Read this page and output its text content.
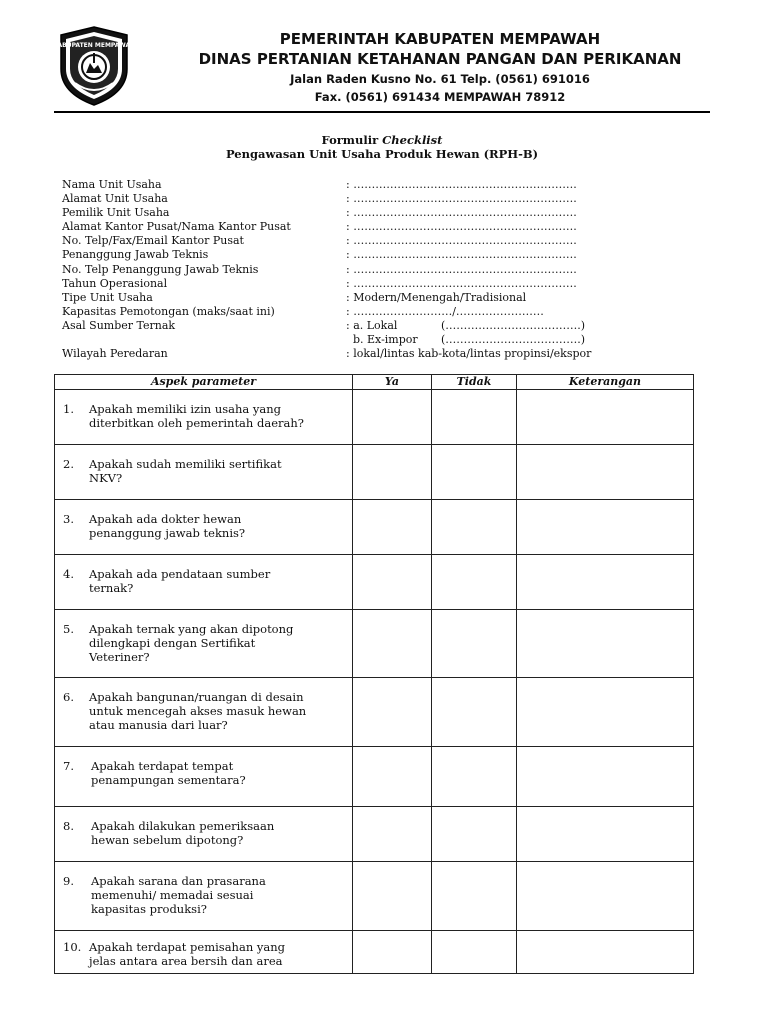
KABUPATEN MEMPAWAH	PEMERINTAH KABUPATEN MEMPAWAH
DINAS PERTANIAN KETAHANAN PANGAN DAN PERIKANAN
Jalan Raden Kusno No. 61 Telp. (0561) 691016
Fax. (0561) 691434 MEMPAWAH 78912
Formulir Checklist
Pengawasan Unit Usaha Produk Hewan (RPH-B)
Nama Unit Usaha	: …………………………………………………….
Alamat Unit Usaha	: …………………………………………………….
Pemilik Unit Usaha	: …………………………………………………….
Alamat Kantor Pusat/Nama Kantor Pusat	: …………………………………………………….
No. Telp/Fax/Email Kantor Pusat	: …………………………………………………….
Penanggung Jawab Teknis	: …………………………………………………….
No. Telp Penanggung Jawab Teknis	: …………………………………………………….
Tahun Operasional	: …………………………………………………….
Tipe Unit Usaha	: Modern/Menengah/Tradisional
Kapasitas Pemotongan (maks/saat ini)	: ………………………/……………………
Asal Sumber Ternak	: a. Lokal	(……………………………….)
b. Ex-impor (……………………………….)
Wilayah Peredaran	: lokal/lintas kab-kota/lintas propinsi/ekspor
Aspek parameter	Ya	Tidak	Keterangan

1. Apakah memiliki izin usaha yang
diterbitkan oleh pemerintah daerah?			

2. Apakah sudah memiliki sertifikat
NKV?			

3. Apakah ada dokter hewan
penanggung jawab teknis?			

4. Apakah ada pendataan sumber
ternak?			

5. Apakah ternak yang akan dipotong
dilengkapi dengan Sertifikat
Veteriner?			

6. Apakah bangunan/ruangan di desain
untuk mencegah akses masuk hewan
atau manusia dari luar?			

7. Apakah terdapat tempat
penampungan sementara?			

8. Apakah dilakukan pemeriksaan
hewan sebelum dipotong?			

9. Apakah sarana dan prasarana
memenuhi/ memadai sesuai
kapasitas produksi?			

10. Apakah terdapat pemisahan yang
jelas antara area bersih dan area			
